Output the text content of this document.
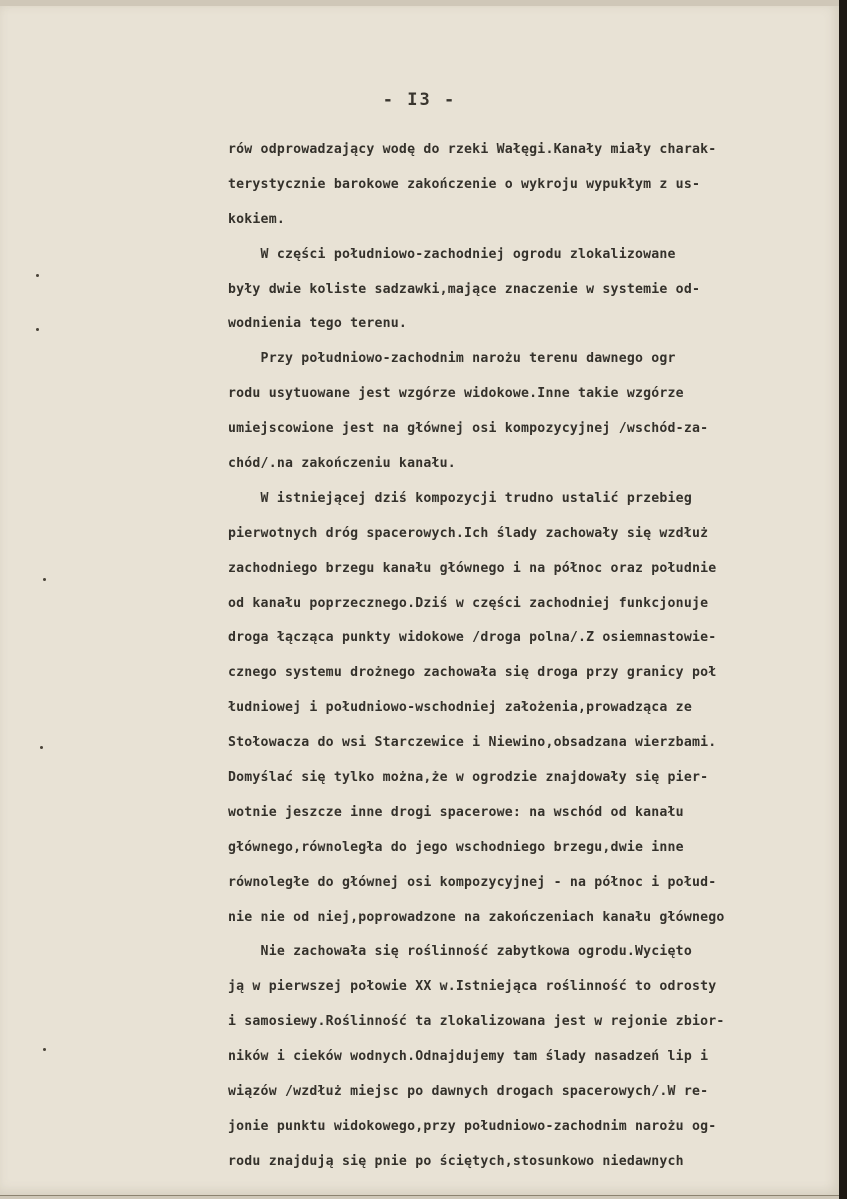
- I3 -
rów odprowadzający wodę do rzeki Wałęgi.Kanały miały charak-
terystycznie barokowe zakończenie o wykroju wypukłym z us-
kokiem.
W części południowo-zachodniej ogrodu zlokalizowane
były dwie koliste sadzawki,mające znaczenie w systemie od-
wodnienia tego terenu.
Przy południowo-zachodnim narożu terenu dawnego ogr
rodu usytuowane jest wzgórze widokowe.Inne takie wzgórze
umiejscowione jest na głównej osi kompozycyjnej /wschód-za-
chód/.na zakończeniu kanału.
W istniejącej dziś kompozycji trudno ustalić przebieg
pierwotnych dróg spacerowych.Ich ślady zachowały się wzdłuż
zachodniego brzegu kanału głównego i na północ oraz południe
od kanału poprzecznego.Dziś w części zachodniej funkcjonuje
droga łącząca punkty widokowe /droga polna/.Z osiemnastowie-
cznego systemu drożnego zachowała się droga przy granicy poł
łudniowej i południowo-wschodniej założenia,prowadząca ze
Stołowacza do wsi Starczewice i Niewino,obsadzana wierzbami.
Domyślać się tylko można,że w ogrodzie znajdowały się pier-
wotnie jeszcze inne drogi spacerowe: na wschód od kanału
głównego,równoległa do jego wschodniego brzegu,dwie inne
równoległe do głównej osi kompozycyjnej - na północ i połud-
nie nie od niej,poprowadzone na zakończeniach kanału głównego
Nie zachowała się roślinność zabytkowa ogrodu.Wycięto
ją w pierwszej połowie XX w.Istniejąca roślinność to odrosty
i samosiewy.Roślinność ta zlokalizowana jest w rejonie zbior-
ników i cieków wodnych.Odnajdujemy tam ślady nasadzeń lip i
wiązów /wzdłuż miejsc po dawnych drogach spacerowych/.W re-
jonie punktu widokowego,przy południowo-zachodnim narożu og-
rodu znajdują się pnie po ściętych,stosunkowo niedawnych
